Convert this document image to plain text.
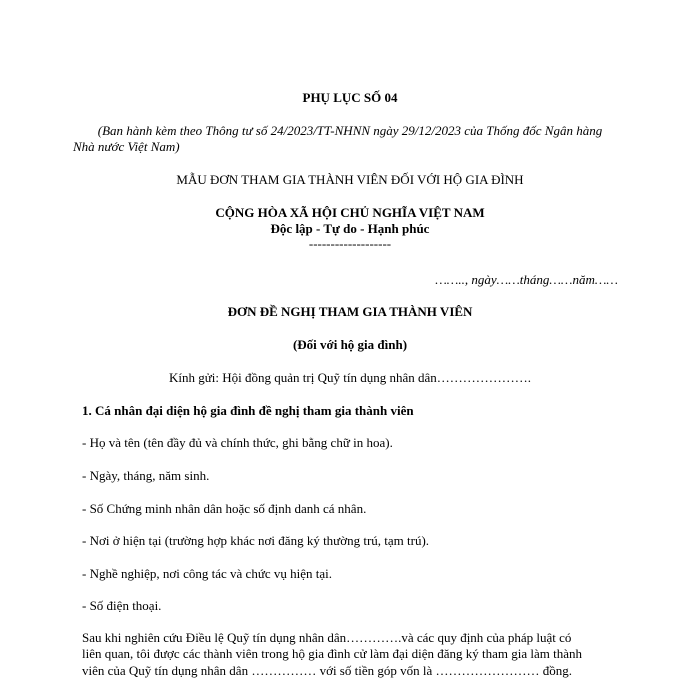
PHỤ LỤC SỐ 04
(Ban hành kèm theo Thông tư số 24/2023/TT-NHNN ngày 29/12/2023 của Thống đốc Ngân hàng
Nhà nước Việt Nam)
MẪU ĐƠN THAM GIA THÀNH VIÊN ĐỐI VỚI HỘ GIA ĐÌNH
CỘNG HÒA XÃ HỘI CHỦ NGHĨA VIỆT NAM
Độc lập - Tự do - Hạnh phúc
-------------------
…….., ngày……tháng……năm……
ĐƠN ĐỀ NGHỊ THAM GIA THÀNH VIÊN
(Đối với hộ gia đình)
Kính gửi: Hội đồng quản trị Quỹ tín dụng nhân dân………………….
1. Cá nhân đại diện hộ gia đình đề nghị tham gia thành viên
- Họ và tên (tên đầy đủ và chính thức, ghi bằng chữ in hoa).
- Ngày, tháng, năm sinh.
- Số Chứng minh nhân dân hoặc số định danh cá nhân.
- Nơi ở hiện tại (trường hợp khác nơi đăng ký thường trú, tạm trú).
- Nghề nghiệp, nơi công tác và chức vụ hiện tại.
- Số điện thoại.
Sau khi nghiên cứu Điều lệ Quỹ tín dụng nhân dân………….và các quy định của pháp luật có
liên quan, tôi được các thành viên trong hộ gia đình cử làm đại diện đăng ký tham gia làm thành
viên của Quỹ tín dụng nhân dân …………… với số tiền góp vốn là …………………… đồng.
